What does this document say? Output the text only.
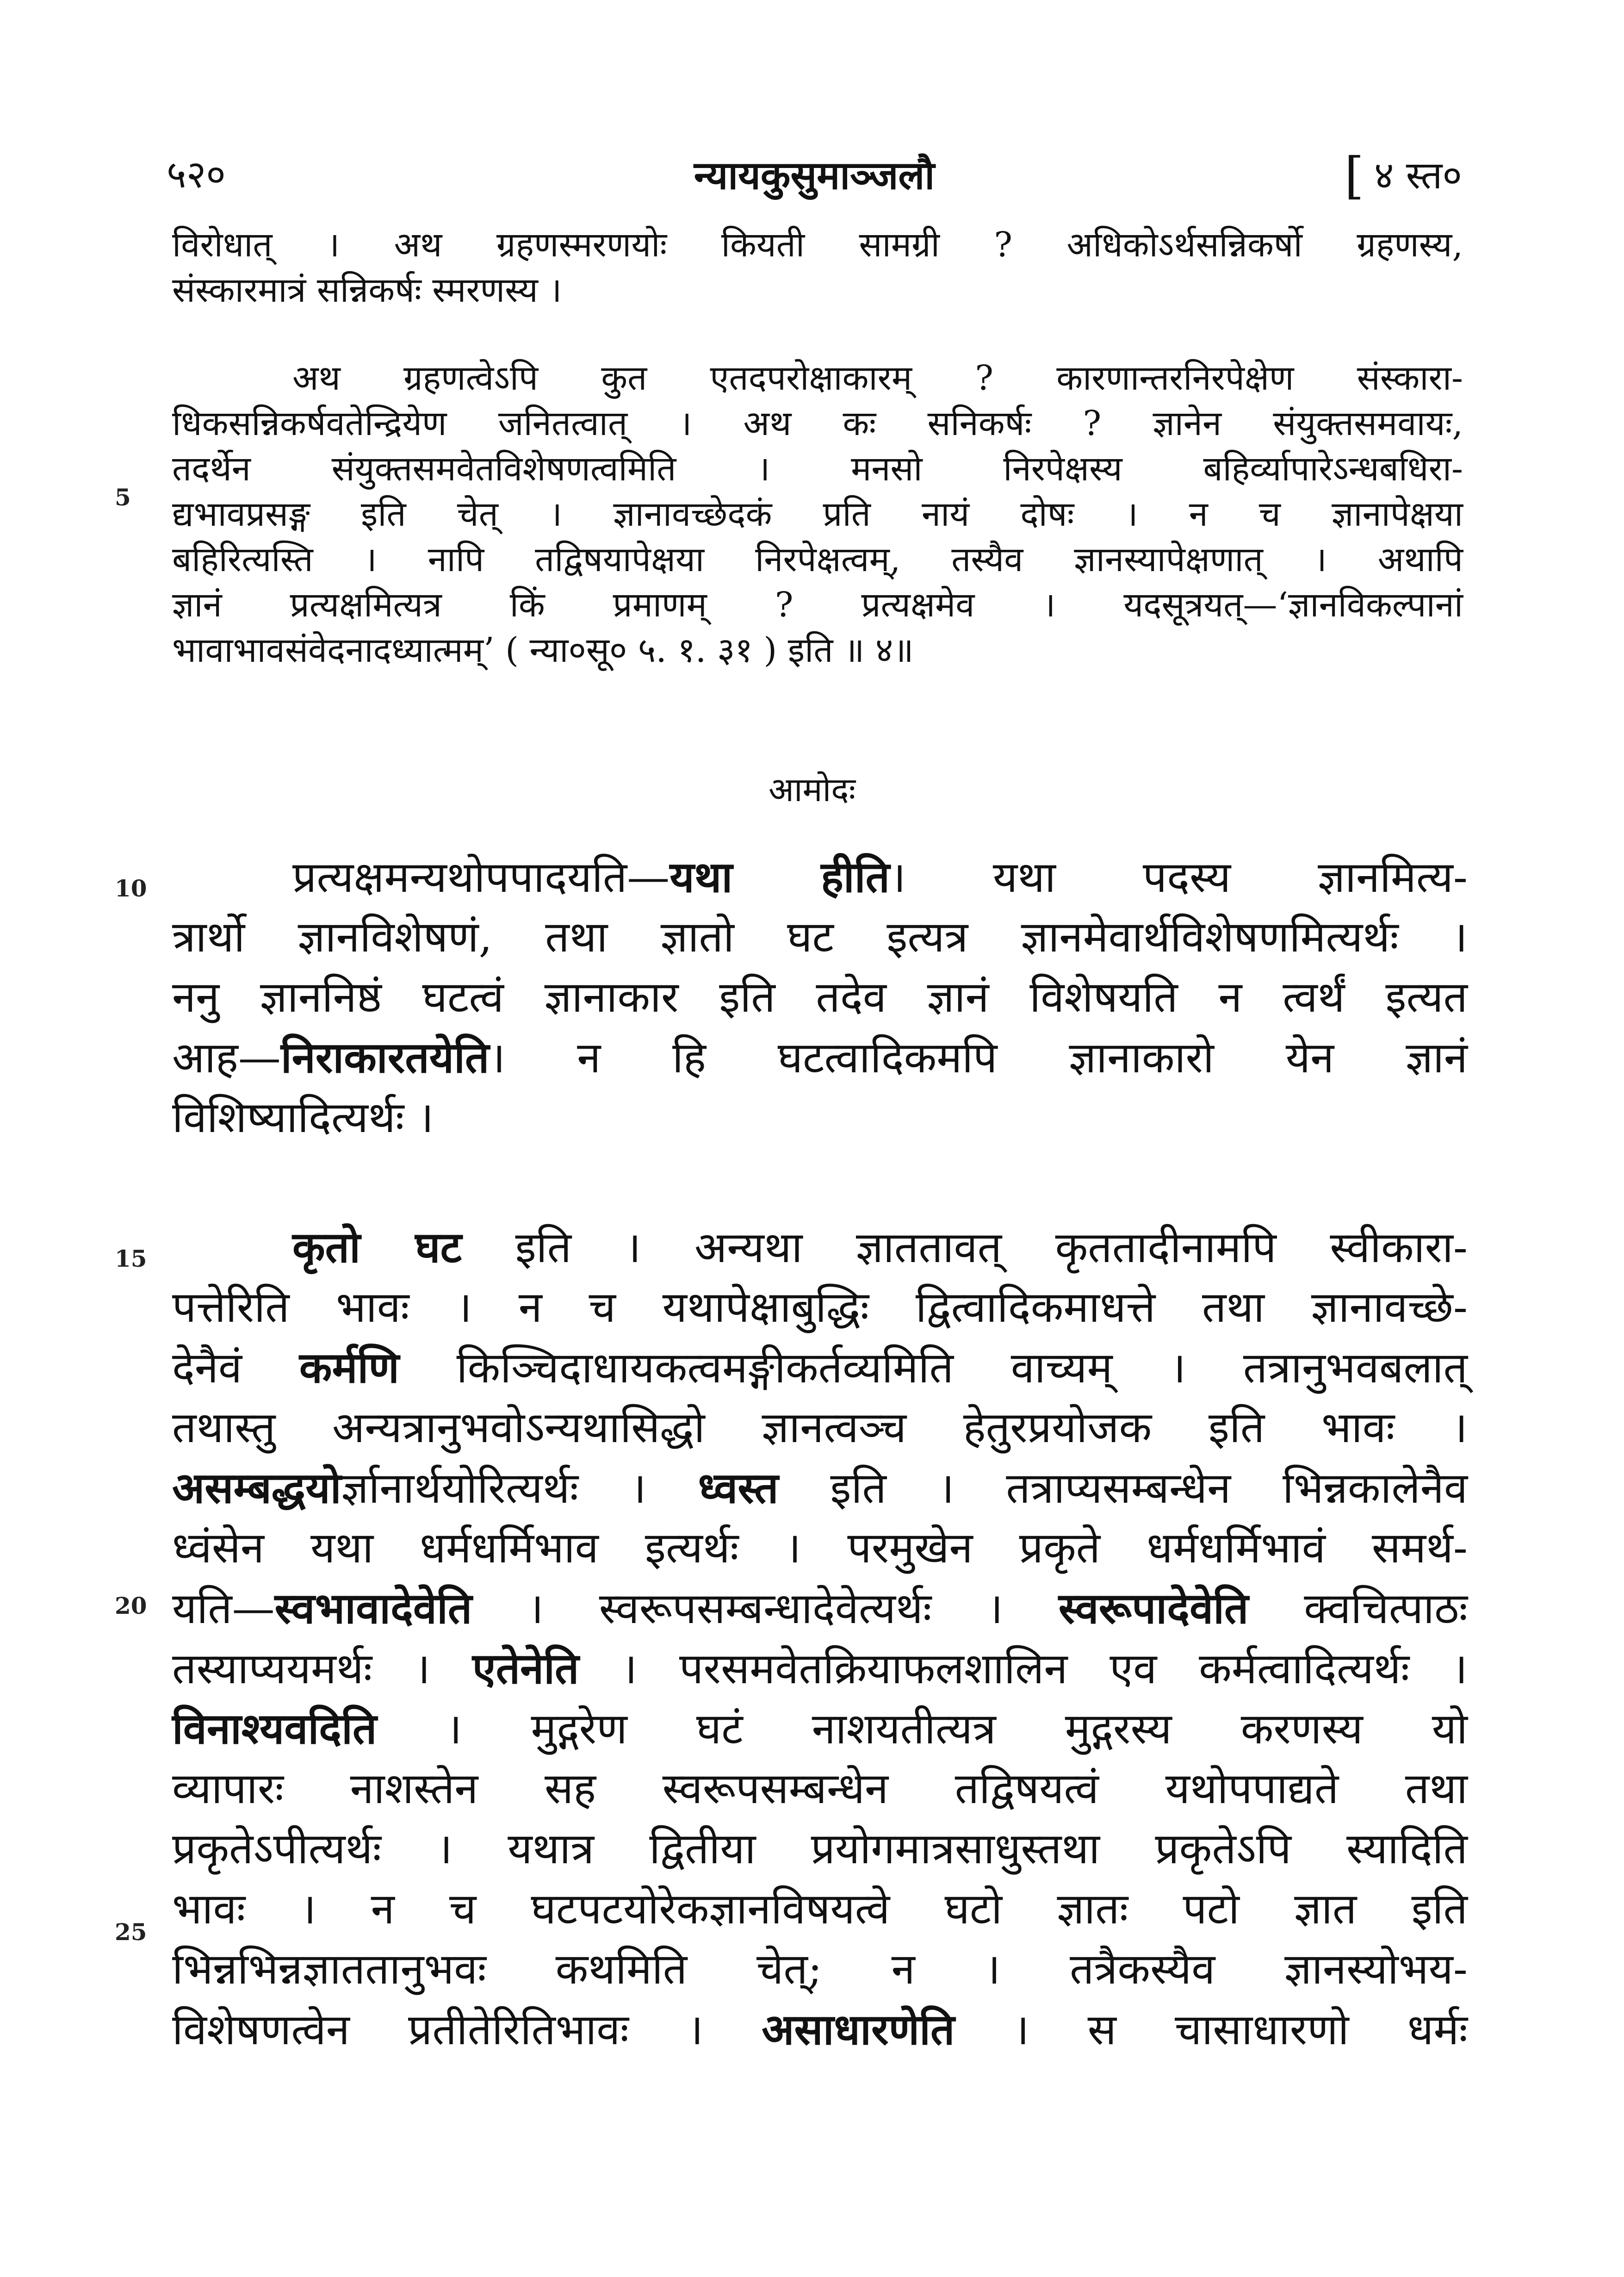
५२०	न्यायकुसुमाञ्जलौ	[ ४ स्त०
विरोधात् । अथ ग्रहणस्मरणयोः कियती सामग्री ? अधिकोऽर्थसन्निकर्षो ग्रहणस्य,
संस्कारमात्रं सन्निकर्षः स्मरणस्य ।
अथ ग्रहणत्वेऽपि कुत एतदपरोक्षाकारम् ? कारणान्तरनिरपेक्षेण संस्कारा-
धिकसन्निकर्षवतेन्द्रियेण जनितत्वात् । अथ कः सनिकर्षः ? ज्ञानेन संयुक्तसमवायः,
तदर्थेन संयुक्तसमवेतविशेषणत्वमिति । मनसो निरपेक्षस्य बहिर्व्यापारेऽन्धबधिरा-
द्यभावप्रसङ्ग इति चेत् । ज्ञानावच्छेदकं प्रति नायं दोषः । न च ज्ञानापेक्षया
बहिरित्यस्ति । नापि तद्विषयापेक्षया निरपेक्षत्वम्, तस्यैव ज्ञानस्यापेक्षणात् । अथापि
ज्ञानं प्रत्यक्षमित्यत्र किं प्रमाणम् ? प्रत्यक्षमेव । यदसूत्रयत्—‘ज्ञानविकल्पानां
भावाभावसंवेदनादध्यात्मम्’ ( न्या०सू० ५. १. ३१ ) इति ॥ ४॥
आमोदः
प्रत्यक्षमन्यथोपपादयति—यथा हीति। यथा पदस्य ज्ञानमित्य-
त्रार्थो ज्ञानविशेषणं, तथा ज्ञातो घट इत्यत्र ज्ञानमेवार्थविशेषणमित्यर्थः ।
ननु ज्ञाननिष्ठं घटत्वं ज्ञानाकार इति तदेव ज्ञानं विशेषयति न त्वर्थं इत्यत
आह—निराकारतयेति। न हि घटत्वादिकमपि ज्ञानाकारो येन ज्ञानं
विशिष्यादित्यर्थः ।
कृतो घट इति । अन्यथा ज्ञाततावत् कृततादीनामपि स्वीकारा-
पत्तेरिति भावः । न च यथापेक्षाबुद्धिः द्वित्वादिकमाधत्ते तथा ज्ञानावच्छे-
देनैवं कर्मणि किञ्चिदाधायकत्वमङ्गीकर्तव्यमिति वाच्यम् । तत्रानुभवबलात्
तथास्तु अन्यत्रानुभवोऽन्यथासिद्धो ज्ञानत्वञ्च हेतुरप्रयोजक इति भावः ।
असम्बद्धयोर्ज्ञानार्थयोरित्यर्थः । ध्वस्त इति । तत्राप्यसम्बन्धेन भिन्नकालेनैव
ध्वंसेन यथा धर्मधर्मिभाव इत्यर्थः । परमुखेन प्रकृते धर्मधर्मिभावं समर्थ-
यति—स्वभावादेवेति । स्वरूपसम्बन्धादेवेत्यर्थः । स्वरूपादेवेति क्वचित्पाठः
तस्याप्ययमर्थः । एतेनेति । परसमवेतक्रियाफलशालिन एव कर्मत्वादित्यर्थः ।
विनाश्यवदिति । मुद्गरेण घटं नाशयतीत्यत्र मुद्गरस्य करणस्य यो
व्यापारः नाशस्तेन सह स्वरूपसम्बन्धेन तद्विषयत्वं यथोपपाद्यते तथा
प्रकृतेऽपीत्यर्थः । यथात्र द्वितीया प्रयोगमात्रसाधुस्तथा प्रकृतेऽपि स्यादिति
भावः । न च घटपटयोरेकज्ञानविषयत्वे घटो ज्ञातः पटो ज्ञात इति
भिन्नभिन्नज्ञाततानुभवः कथमिति चेत्; न । तत्रैकस्यैव ज्ञानस्योभय-
विशेषणत्वेन प्रतीतेरितिभावः । असाधारणेति । स चासाधारणो धर्मः
5
10
15
20
25
